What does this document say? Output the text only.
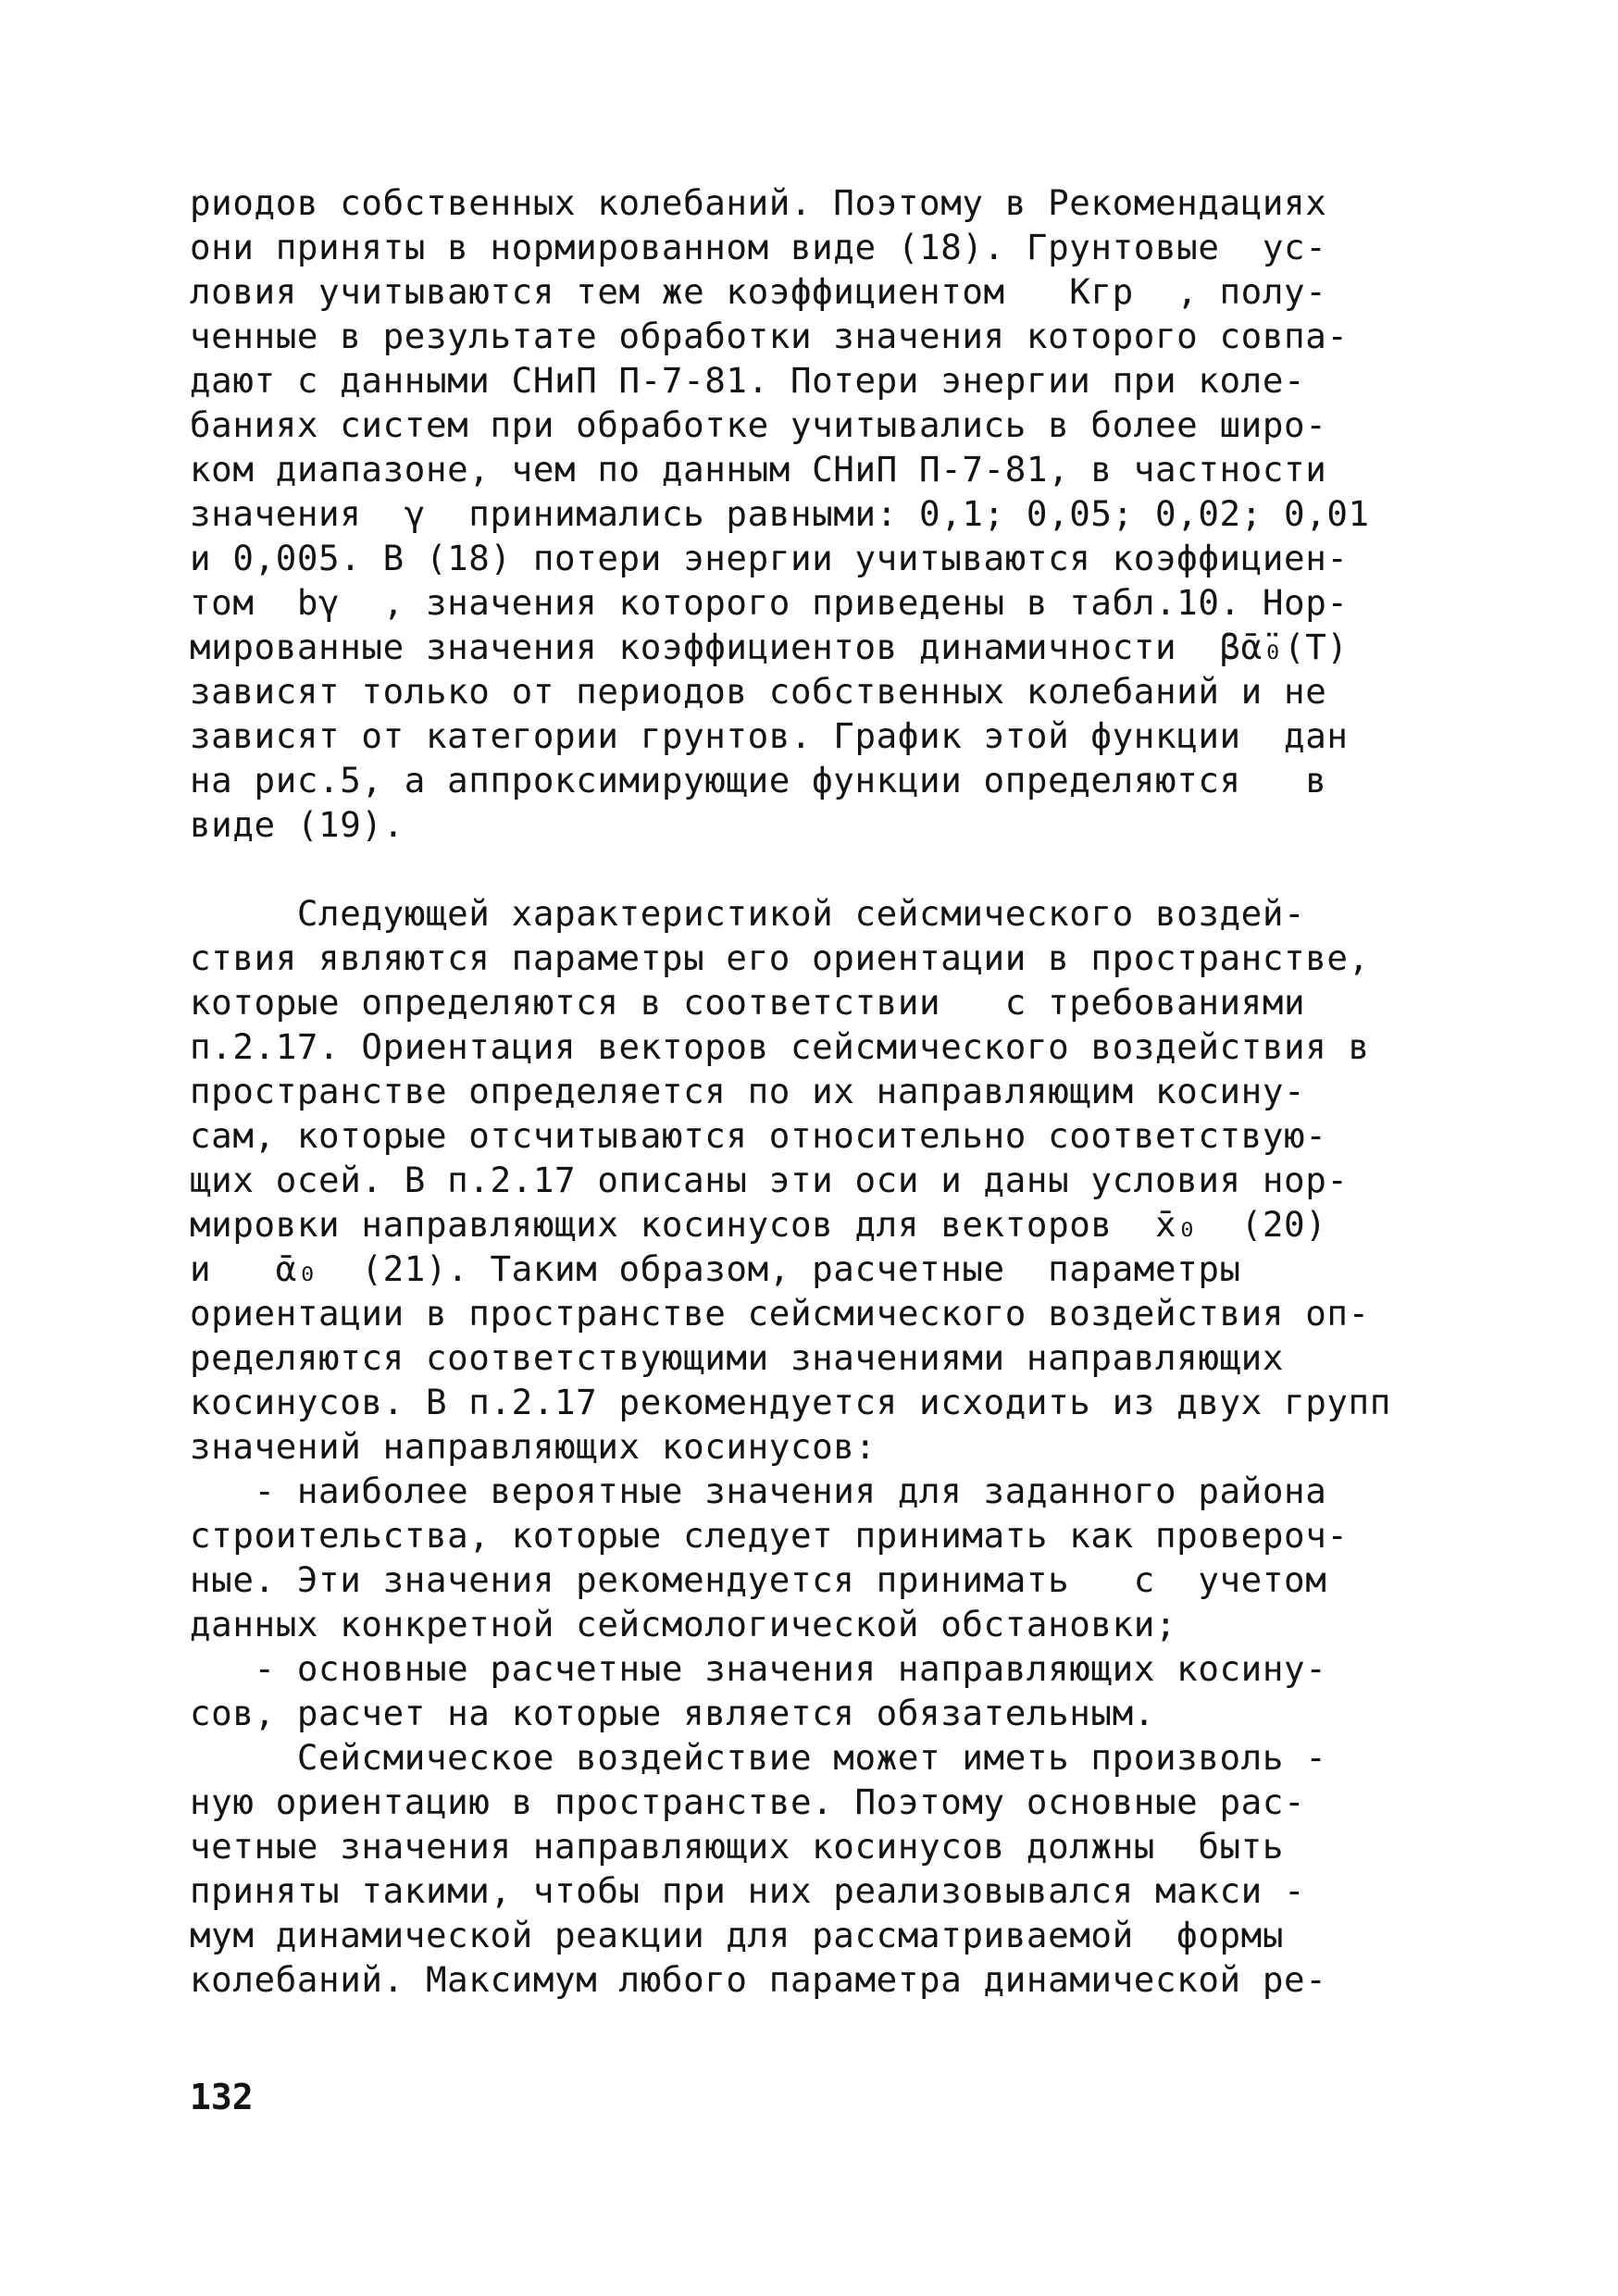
риодов собственных колебаний. Поэтому в Рекомендациях
они приняты в нормированном виде (18). Грунтовые  ус-
ловия учитываются тем же коэффициентом   Kгр  , полу-
ченные в результате обработки значения которого совпа-
дают с данными СНиП П-7-81. Потери энергии при коле-
баниях систем при обработке учитывались в более широ-
ком диапазоне, чем по данным СНиП П-7-81, в частности
значения  γ  принимались равными: 0,1; 0,05; 0,02; 0,01
и 0,005. В (18) потери энергии учитываются коэффициен-
том  bγ  , значения которого приведены в табл.10. Нор-
мированные значения коэффициентов динамичности  β̄α̈₀(T)
зависят только от периодов собственных колебаний и не
зависят от категории грунтов. График этой функции  дан
на рис.5, а аппроксимирующие функции определяются   в
виде (19).
Следующей характеристикой сейсмического воздей-
ствия являются параметры его ориентации в пространстве,
которые определяются в соответствии   с требованиями
п.2.17. Ориентация векторов сейсмического воздействия в
пространстве определяется по их направляющим косину-
сам, которые отсчитываются относительно соответствую-
щих осей. В п.2.17 описаны эти оси и даны условия нор-
мировки направляющих косинусов для векторов  x̄₀  (20)
и   ᾱ₀  (21). Таким образом, расчетные  параметры
ориентации в пространстве сейсмического воздействия оп-
ределяются соответствующими значениями направляющих
косинусов. В п.2.17 рекомендуется исходить из двух групп
значений направляющих косинусов:
- наиболее вероятные значения для заданного района
строительства, которые следует принимать как провероч-
ные. Эти значения рекомендуется принимать   с  учетом
данных конкретной сейсмологической обстановки;
- основные расчетные значения направляющих косину-
сов, расчет на которые является обязательным.
Сейсмическое воздействие может иметь произволь -
ную ориентацию в пространстве. Поэтому основные рас-
четные значения направляющих косинусов должны  быть
приняты такими, чтобы при них реализовывался макси -
мум динамической реакции для рассматриваемой  формы
колебаний. Максимум любого параметра динамической ре-
132
